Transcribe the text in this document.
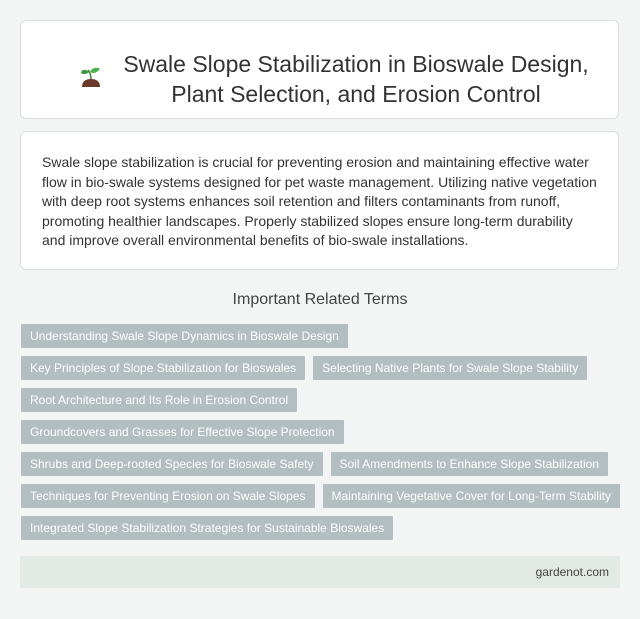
Swale Slope Stabilization in Bioswale Design, Plant Selection, and Erosion Control

Swale slope stabilization is crucial for preventing erosion and maintaining effective water flow in bio-swale systems designed for pet waste management. Utilizing native vegetation with deep root systems enhances soil retention and filters contaminants from runoff, promoting healthier landscapes. Properly stabilized slopes ensure long-term durability and improve overall environmental benefits of bio-swale installations.

Important Related Terms
Understanding Swale Slope Dynamics in Bioswale Design
Key Principles of Slope Stabilization for Bioswales	Selecting Native Plants for Swale Slope Stability
Root Architecture and Its Role in Erosion Control
Groundcovers and Grasses for Effective Slope Protection
Shrubs and Deep-rooted Species for Bioswale Safety	Soil Amendments to Enhance Slope Stabilization
Techniques for Preventing Erosion on Swale Slopes	Maintaining Vegetative Cover for Long-Term Stability
Integrated Slope Stabilization Strategies for Sustainable Bioswales
gardenot.com
